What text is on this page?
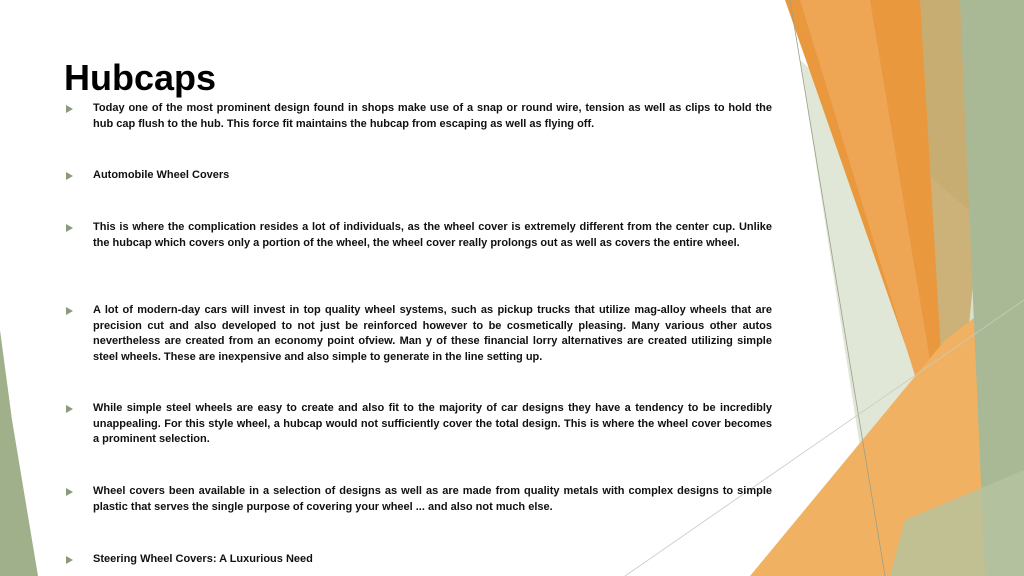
Hubcaps
Today one of the most prominent design found in shops make use of a snap or round wire, tension as well as clips to hold the hub cap flush to the hub. This force fit maintains the hubcap from escaping as well as flying off.
Automobile Wheel Covers
This is where the complication resides a lot of individuals, as the wheel cover is extremely different from the center cup. Unlike the hubcap which covers only a portion of the wheel, the wheel cover really prolongs out as well as covers the entire wheel.
A lot of modern-day cars will invest in top quality wheel systems, such as pickup trucks that utilize mag-alloy wheels that are precision cut and also developed to not just be reinforced however to be cosmetically pleasing. Many various other autos nevertheless are created from an economy point ofview. Man y of these financial lorry alternatives are created utilizing simple steel wheels. These are inexpensive and also simple to generate in the line setting up.
While simple steel wheels are easy to create and also fit to the majority of car designs they have a tendency to be incredibly unappealing. For this style wheel, a hubcap would not sufficiently cover the total design. This is where the wheel cover becomes a prominent selection.
Wheel covers been available in a selection of designs as well as are made from quality metals with complex designs to simple plastic that serves the single purpose of covering your wheel ... and also not much else.
Steering Wheel Covers: A Luxurious Need
